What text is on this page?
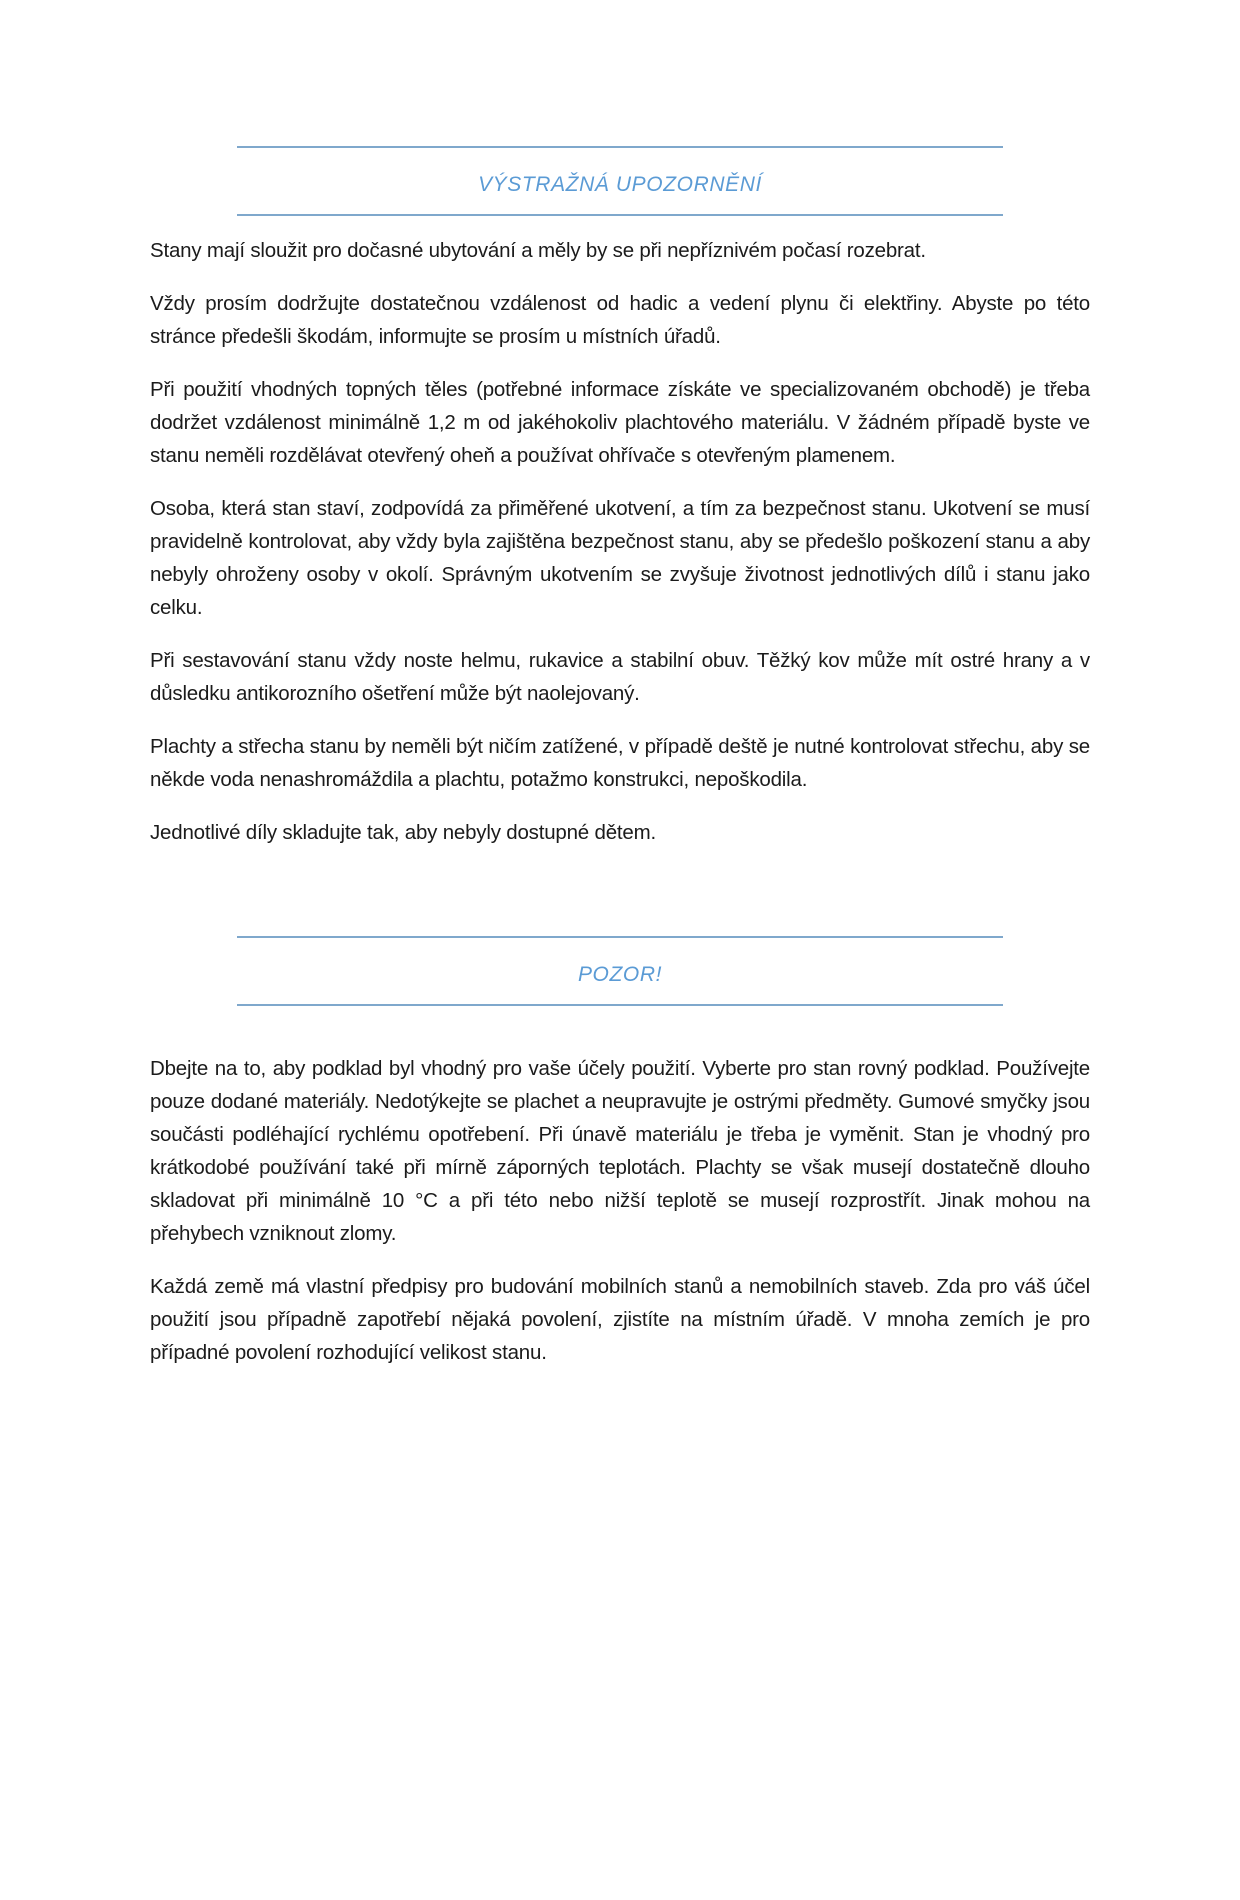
VÝSTRAŽNÁ UPOZORNĚNÍ

Stany mají sloužit pro dočasné ubytování a měly by se při nepříznivém počasí rozebrat.

Vždy prosím dodržujte dostatečnou vzdálenost od hadic a vedení plynu či elektřiny. Abyste po této stránce předešli škodám, informujte se prosím u místních úřadů.

Při použití vhodných topných těles (potřebné informace získáte ve specializovaném obchodě) je třeba dodržet vzdálenost minimálně 1,2 m od jakéhokoliv plachtového materiálu. V žádném případě byste ve stanu neměli rozdělávat otevřený oheň a používat ohřívače s otevřeným plamenem.

Osoba, která stan staví, zodpovídá za přiměřené ukotvení, a tím za bezpečnost stanu. Ukotvení se musí pravidelně kontrolovat, aby vždy byla zajištěna bezpečnost stanu, aby se předešlo poškození stanu a aby nebyly ohroženy osoby v okolí. Správným ukotvením se zvyšuje životnost jednotlivých dílů i stanu jako celku.

Při sestavování stanu vždy noste helmu, rukavice a stabilní obuv. Těžký kov může mít ostré hrany a v důsledku antikorozního ošetření může být naolejovaný.

Plachty a střecha stanu by neměli být ničím zatížené, v případě deště je nutné kontrolovat střechu, aby se někde voda nenashromáždila a plachtu, potažmo konstrukci, nepoškodila.

Jednotlivé díly skladujte tak, aby nebyly dostupné dětem.

POZOR!

Dbejte na to, aby podklad byl vhodný pro vaše účely použití. Vyberte pro stan rovný podklad. Používejte pouze dodané materiály. Nedotýkejte se plachet a neupravujte je ostrými předměty. Gumové smyčky jsou součásti podléhající rychlému opotřebení. Při únavě materiálu je třeba je vyměnit. Stan je vhodný pro krátkodobé používání také při mírně záporných teplotách. Plachty se však musejí dostatečně dlouho skladovat při minimálně 10 °C a při této nebo nižší teplotě se musejí rozprostřít. Jinak mohou na přehybech vzniknout zlomy.

Každá země má vlastní předpisy pro budování mobilních stanů a nemobilních staveb. Zda pro váš účel použití jsou případně zapotřebí nějaká povolení, zjistíte na místním úřadě. V mnoha zemích je pro případné povolení rozhodující velikost stanu.
